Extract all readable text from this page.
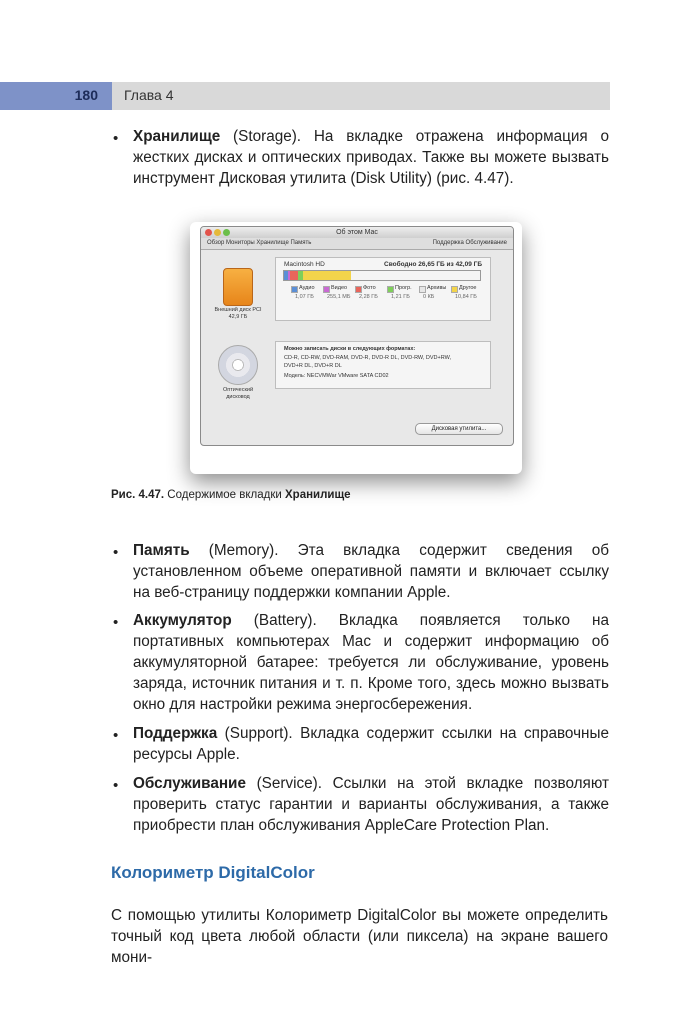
180 Глава 4
• Хранилище (Storage). На вкладке отражена информация о жестких дисках и оптических приводах. Также вы можете вызвать инструмент Дисковая утилита (Disk Utility) (рис. 4.47).
Об этом Mac
Обзор Мониторы Хранилище Память	Поддержка Обслуживание
Внешний диск PCI 42,9 ГБ
Macintosh HD	Свободно 26,65 ГБ из 42,09 ГБ
Аудио
1,07 ГБ
Видео
255,1 МБ
Фото
2,28 ГБ
Прогр.
1,21 ГБ
Архивы
0 КБ
Другое
10,84 ГБ
Оптический дисковод
Можно записать диски в следующих форматах:
CD-R, CD-RW, DVD-RAM, DVD-R, DVD-R DL, DVD-RW, DVD+RW,
DVD+R DL, DVD+R DL
Модель: NECVMWar VMware SATA CD02
Дисковая утилита...
Рис. 4.47. Содержимое вкладки Хранилище
• Память (Memory). Эта вкладка содержит сведения об установленном объеме оперативной памяти и включает ссылку на веб-страницу поддержки компании Apple.
• Аккумулятор (Battery). Вкладка появляется только на портативных компьютерах Mac и содержит информацию об аккумуляторной батарее: требуется ли обслуживание, уровень заряда, источник питания и т. п. Кроме того, здесь можно вызвать окно для настройки режима энергосбережения.
• Поддержка (Support). Вкладка содержит ссылки на справочные ресурсы Apple.
• Обслуживание (Service). Ссылки на этой вкладке позволяют проверить статус гарантии и варианты обслуживания, а также приобрести план обслуживания AppleCare Protection Plan.
Колориметр DigitalColor
С помощью утилиты Колориметр DigitalColor вы можете определить точный код цвета любой области (или пиксела) на экране вашего мони-
